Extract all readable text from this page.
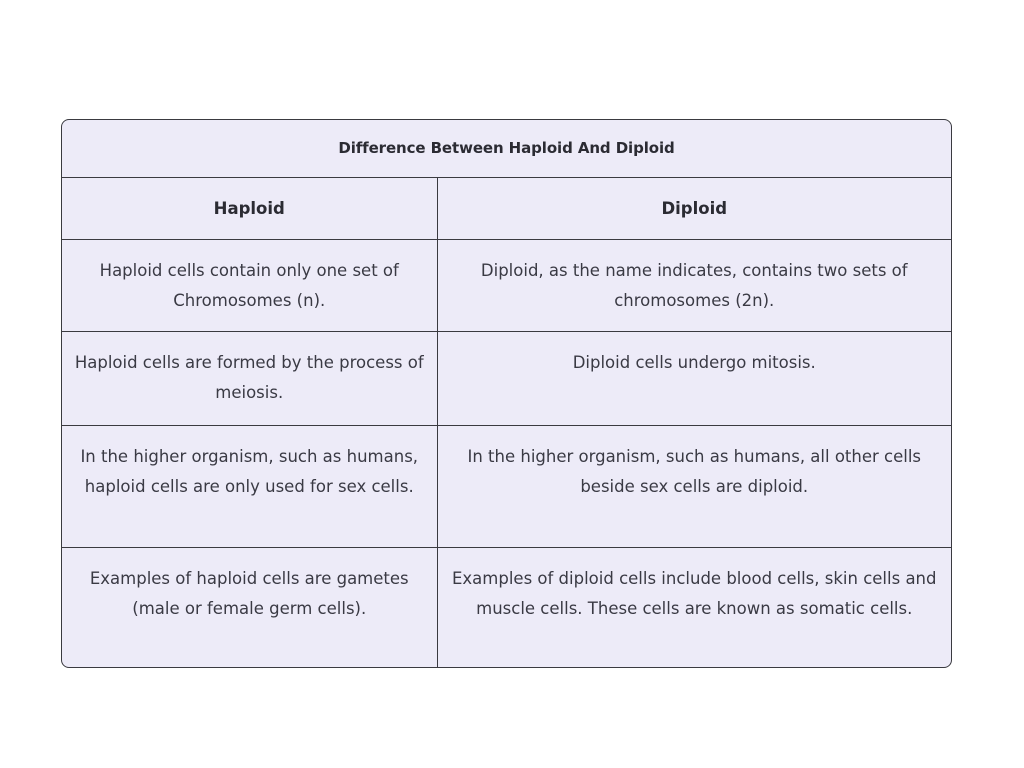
Difference Between Haploid And Diploid	
Haploid	Diploid
Haploid cells contain only one set of Chromosomes (n).	Diploid, as the name indicates, contains two sets of chromosomes (2n).
Haploid cells are formed by the process of meiosis.	Diploid cells undergo mitosis.
In the higher organism, such as humans, haploid cells are only used for sex cells.	In the higher organism, such as humans, all other cells beside sex cells are diploid.
Examples of haploid cells are gametes (male or female germ cells).	Examples of diploid cells include blood cells, skin cells and muscle cells. These cells are known as somatic cells.
